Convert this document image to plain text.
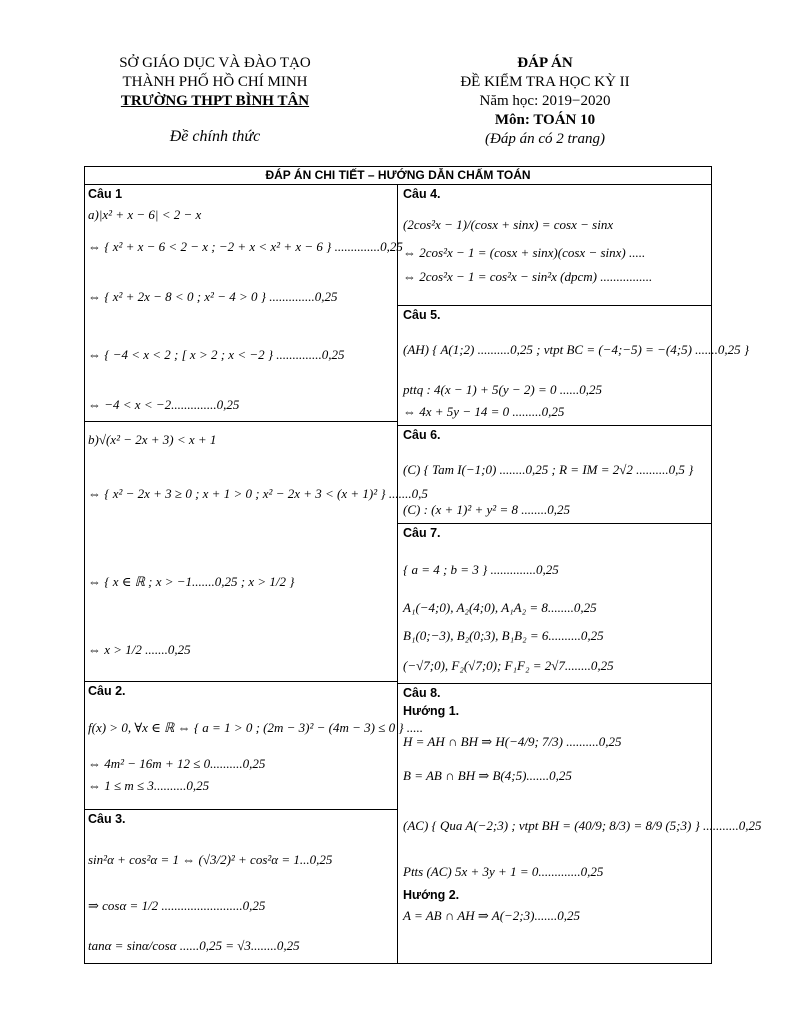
SỞ GIÁO DỤC VÀ ĐÀO TẠO
THÀNH PHỐ HỒ CHÍ MINH
TRƯỜNG THPT BÌNH TÂN
Đề chính thức
ĐÁP ÁN
ĐỀ KIỂM TRA HỌC KỲ II
Năm học: 2019−2020
Môn: TOÁN 10
(Đáp án có 2 trang)
ĐÁP ÁN CHI TIẾT – HƯỚNG DẪN CHẤM TOÁN
Câu 1
a)|x² + x − 6| < 2 − x
⇔ { x² + x − 6 < 2 − x ; −2 + x < x² + x − 6 } ..............0,25
⇔ { x² + 2x − 8 < 0 ; x² − 4 > 0 } ..............0,25
⇔ { −4 < x < 2 ; [ x > 2 ; x < −2 } ..............0,25
⇔ −4 < x < −2..............0,25
b)√(x² − 2x + 3) < x + 1
⇔ { x² − 2x + 3 ≥ 0 ; x + 1 > 0 ; x² − 2x + 3 < (x + 1)² } .......0,5
⇔ { x ∈ ℝ ; x > −1.......0,25 ; x > 1/2 }
⇔ x > 1/2 .......0,25
Câu 2.
f(x) > 0, ∀x ∈ ℝ ⇔ { a = 1 > 0 ; (2m − 3)² − (4m − 3) ≤ 0 } .....
⇔ 4m² − 16m + 12 ≤ 0..........0,25
⇔ 1 ≤ m ≤ 3..........0,25
Câu 3.
sin²α + cos²α = 1 ⇔ (√3/2)² + cos²α = 1...0,25
⇒ cosα = 1/2 .........................0,25
tanα = sinα/cosα ......0,25 = √3........0,25
Câu 4.
(2cos²x − 1)/(cosx + sinx) = cosx − sinx
⇔ 2cos²x − 1 = (cosx + sinx)(cosx − sinx) .....
⇔ 2cos²x − 1 = cos²x − sin²x (dpcm) ................
Câu 5.
(AH) { A(1;2) ..........0,25 ; vtpt BC = (−4;−5) = −(4;5) .......0,25 }
pttq : 4(x − 1) + 5(y − 2) = 0 ......0,25
⇔ 4x + 5y − 14 = 0 .........0,25
Câu 6.
(C) { Tam I(−1;0) ........0,25 ; R = IM = 2√2 ..........0,5 }
(C) : (x + 1)² + y² = 8 ........0,25
Câu 7.
{ a = 4 ; b = 3 } ..............0,25
A₁(−4;0), A₂(4;0), A₁A₂ = 8........0,25
B₁(0;−3), B₂(0;3), B₁B₂ = 6..........0,25
(−√7;0), F₂(√7;0); F₁F₂ = 2√7........0,25
Câu 8.
Hướng 1.
H = AH ∩ BH ⇒ H(−4/9; 7/3) ..........0,25
B = AB ∩ BH ⇒ B(4;5).......0,25
(AC) { Qua A(−2;3) ; vtpt BH = (40/9; 8/3) = 8/9 (5;3) } ...........0,25
Ptts (AC) 5x + 3y + 1 = 0.............0,25
Hướng 2.
A = AB ∩ AH ⇒ A(−2;3).......0,25
